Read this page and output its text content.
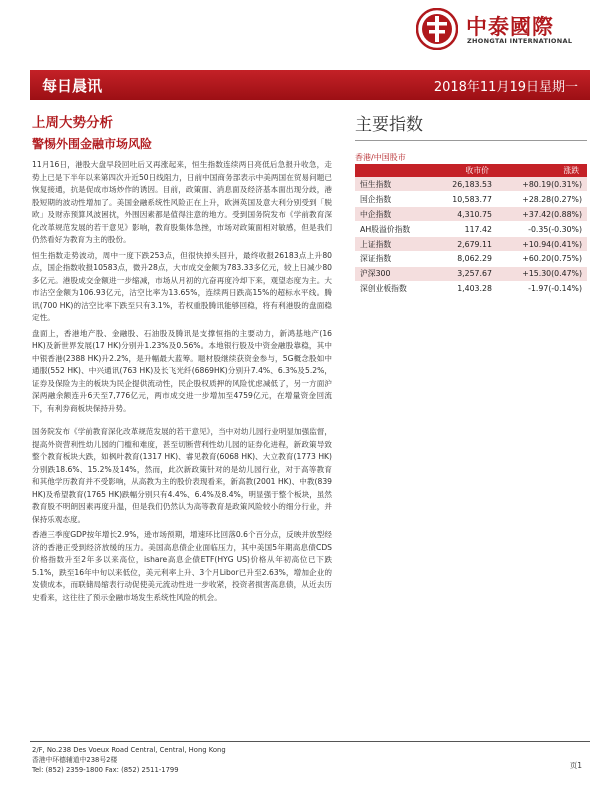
中泰國際
ZHONGTAI INTERNATIONAL
每日晨讯	2018年11月19日星期一
上周大势分析
警惕外围金融市场风险

11月16日，港股大盘早段回吐后又再涨起来，恒生指数连续两日亮低后急报升收急，走势上已是下半年以来第四次升近50日线阻力，日前中国商务部表示中美两国在贸易问题已恢复接通，抗是促成市场炒作的诱因。目前，政策面、消息面及经济基本面出现分歧，港股短期的波动性增加了。美国金融系统性风险正在上升，欧洲英国及意大利分别受到「脱欧」及财赤预算风波困扰，外围因素都是值得注意的地方。受到国务院发布《学前教育深化改革规范发展的若干意见》影响，教育股集体急挫，市场对政策面相对敏感，但是我们仍然看好为教育为主的股份。

恒生指数走势波动，周中一度下跌253点，但很快掉头回升，最终收报26183点上升80点，国企指数收报10583点，微升28点，大市成交金额为783.33多亿元，较上日减少80多亿元。港股成交金额进一步缩减，市场从月初的亢奋再度冷却下来，观望态度为主。大市沽空金额为106.93亿元，沽空比率为13.65%，连续两日跌高15%的超标水平线。腾讯(700 HK)的沽空比率下跌至只有3.1%，若权重股腾讯能够回稳，将有利港股的盘面稳定性。

盘面上，香港地产股、金融股、石油股及腾讯是支撑恒指的主要动力，新鸿基地产(16 HK)及新世界发展(17 HK)分别升1.23%及0.56%。本地银行股及中资金融股靠稳，其中中银香港(2388 HK)升2.2%，是升幅最大蓝筹。题材股继续获资金参与，5G概念股如中通服(552 HK)、中兴通讯(763 HK)及长飞光纤(6869HK)分别升7.4%、6.3%及5.2%，证券及保险为主的板块为民企提供流动性，民企股权质押的风险忧虑减低了，另一方面沪深两融余额连升6天至7,776亿元，两市成交进一步增加至4759亿元，在增量资金回流下，有利券商板块保持升势。

国务院发布《学前教育深化改革规范发展的若干意见》，当中对幼儿园行业明显加强监督，提高外资营利性幼儿园的门槛和难度，甚至切断营利性幼儿园的证券化进程，新政策导致整个教育板块大跌，如枫叶教育(1317 HK)、睿见教育(6068 HK)、大立教育(1773 HK)分别跌18.6%、15.2%及14%，然而，此次新政策针对的是幼儿园行业，对于高等教育和其他学历教育并不受影响，从高教为主的股价表现看来，新高教(2001 HK)、中教(839 HK)及希望教育(1765 HK)跌幅分别只有4.4%、6.4%及8.4%，明显强于整个板块，虽然教育股不明朗因素再度升温，但是我们仍然认为高等教育是政策风险较小的细分行业，并保持乐观态度。

香港三季度GDP按年增长2.9%，逊市场预期，增速环比回落0.6个百分点，反映并放型经济的香港正受到经济放缓的压力。美国高息债企业面临压力，其中美国5年期高息债CDS价格指数升至2年多以来高位，ishare高息企债ETF(HYG US)价格从年初高位已下跌5.1%，跌至16年中旬以来低位，美元利率上升、3个月Libor已升至2.63%，增加企业的发债成本，而联储局缩表行动促使美元流动性进一步收紧，投资者损害高息债，从近去历史看来，这往往了预示金融市场发生系统性风险的机会。

主要指数
香港/中国股市
	收市价	涨跌
恒生指数	26,183.53	+80.19(0.31%)
国企指数	10,583.77	+28.28(0.27%)
中企指数	4,310.75	+37.42(0.88%)
AH股溢价指数	117.42	-0.35(-0.30%)
上证指数	2,679.11	+10.94(0.41%)
深证指数	8,062.29	+60.20(0.75%)
沪深300	3,257.67	+15.30(0.47%)
深创业板指数	1,403.28	-1.97(-0.14%)
2/F, No.238 Des Voeux Road Central, Central, Hong Kong
香港中环德辅道中238号2楼
Tel: (852) 2359-1800 Fax: (852) 2511-1799	页1
